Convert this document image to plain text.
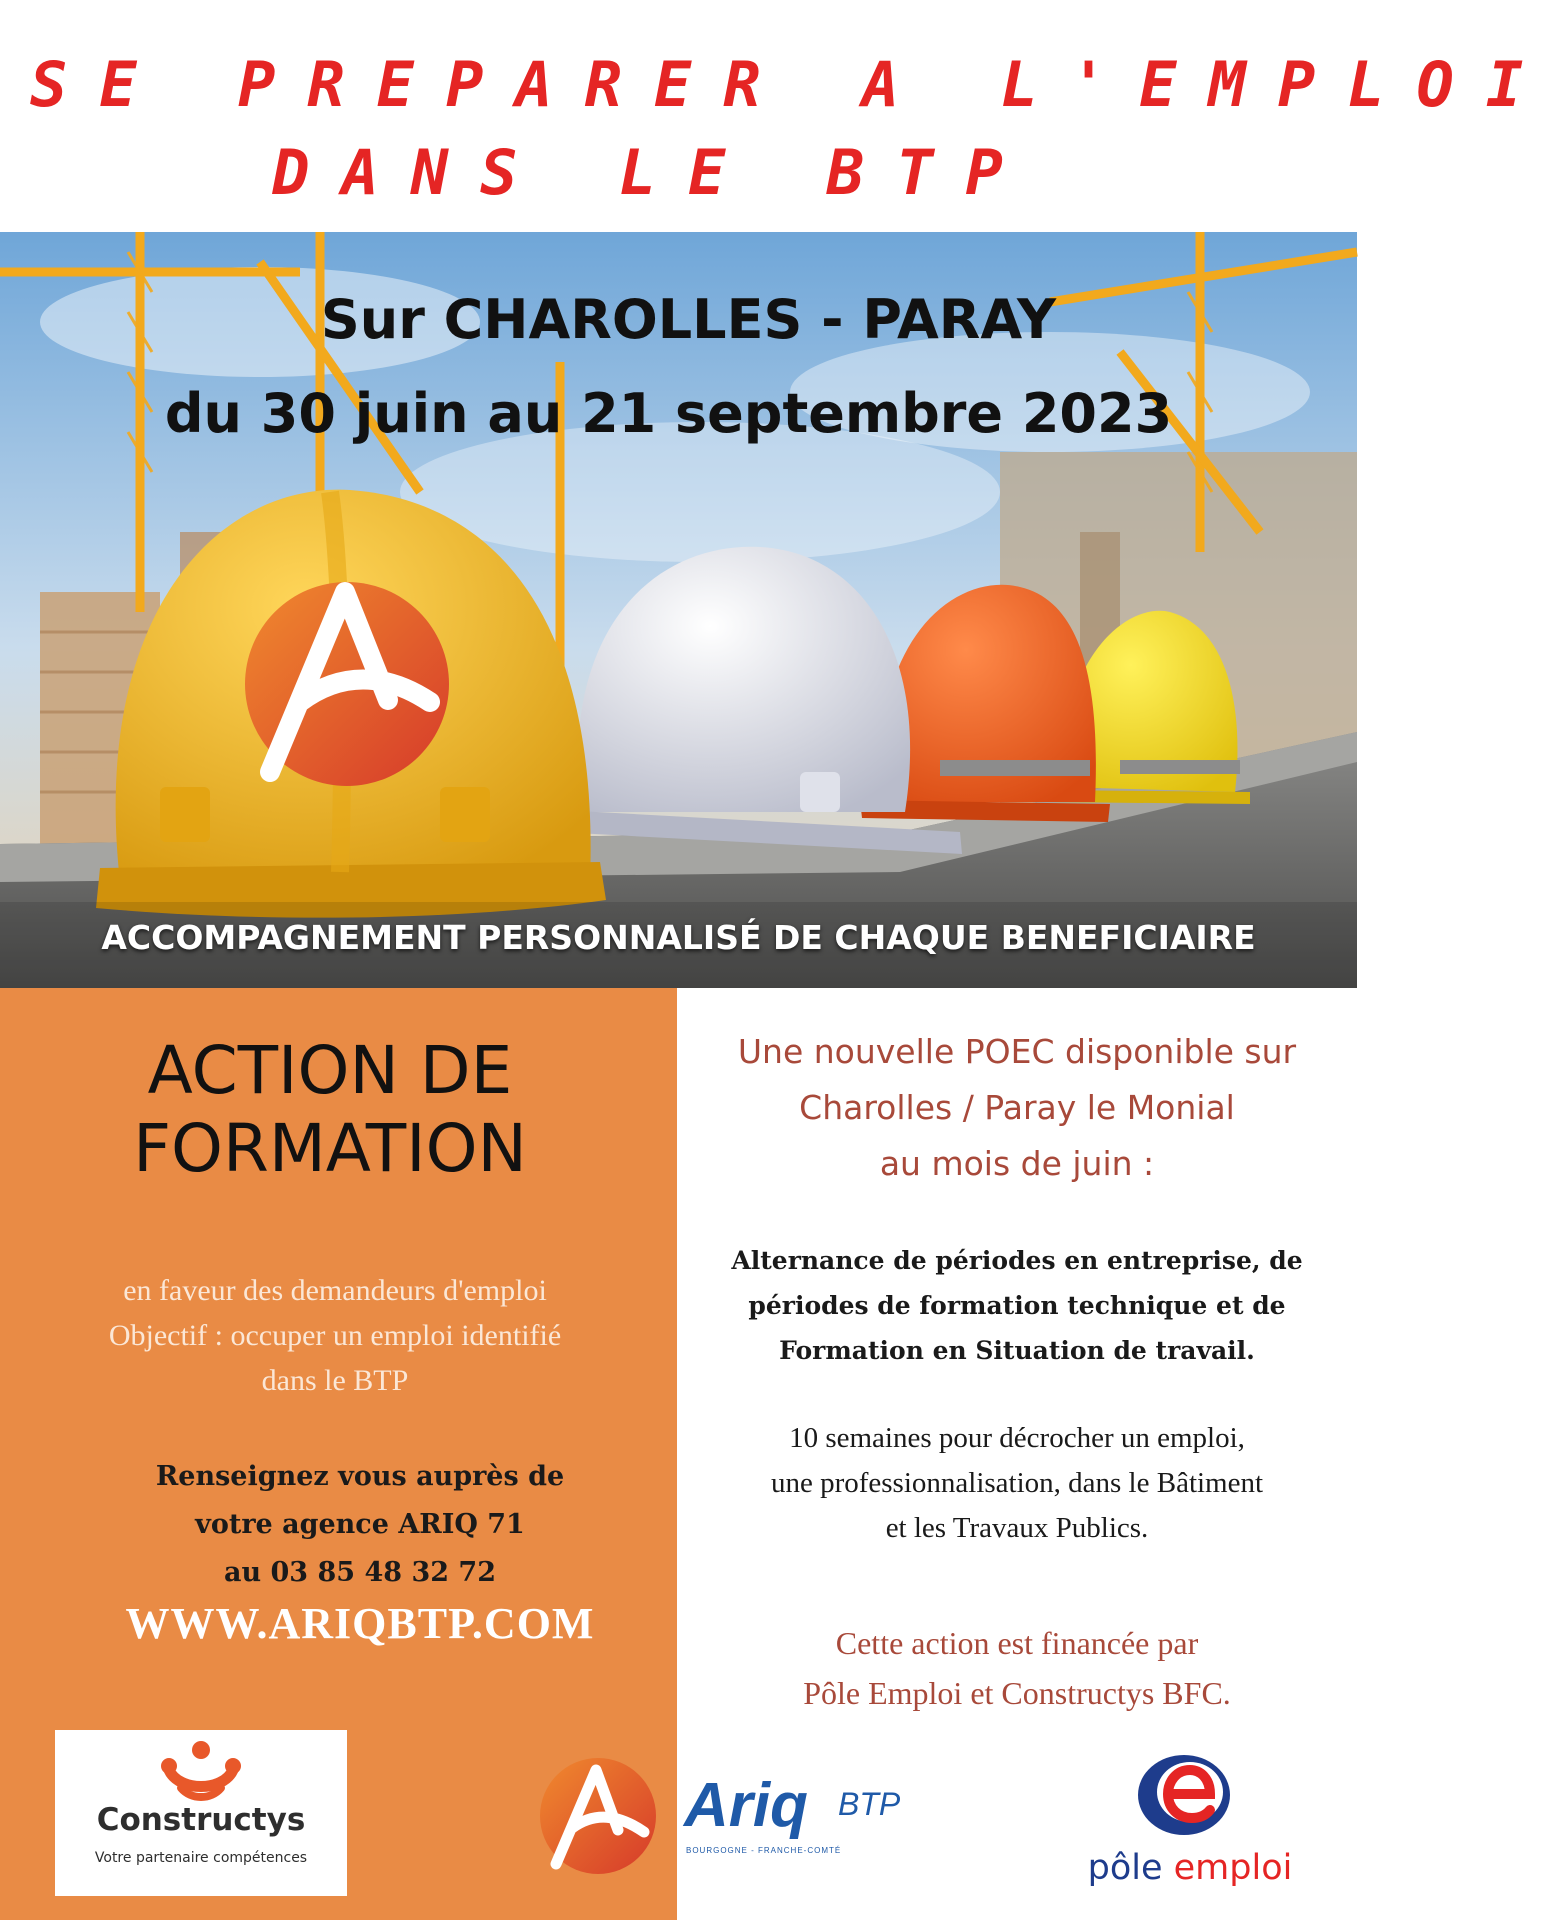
SE PREPARER A L'EMPLOI
DANS LE BTP
Sur CHAROLLES - PARAY
du 30 juin au 21 septembre 2023
ACCOMPAGNEMENT PERSONNALISÉ DE CHAQUE BENEFICIAIRE
ACTION DE
FORMATION
en faveur des demandeurs d'emploi
Objectif : occuper un emploi identifié
dans le BTP
Renseignez vous auprès de
votre agence ARIQ 71
au 03 85 48 32 72
WWW.ARIQBTP.COM
Constructys
Votre partenaire compétences
Une nouvelle POEC disponible sur
Charolles / Paray le Monial
au mois de juin :
Alternance de périodes en entreprise, de
périodes de formation technique et de
Formation en Situation de travail.
10 semaines pour décrocher un emploi,
une professionnalisation, dans le Bâtiment
et les Travaux Publics.
Cette action est financée par
Pôle Emploi et Constructys BFC.
Ariq BTP
BOURGOGNE - FRANCHE-COMTÉ	pôle emploi
